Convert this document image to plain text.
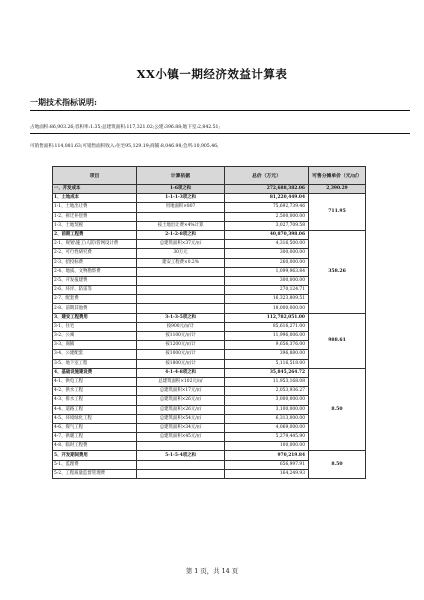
XX小镇一期经济效益计算表
一期技术指标说明:
占地面积:86,903.26;容积率:1.35;总建筑面积:117,321.02;公建:396.88;地下室:2,842.51;
可销售面积:114,081.63;可销售面积收入:住宅95,129.19;商铺:8,046.98;会所:10,905.46;
项目	计算依据	总价（万元）	可售分摊单价（元/㎡）
一、开发成本	1-6项之和	272,688,382.06	2,390.29
1、土地成本	1-1-1-3项之和	81,220,449.04	711.95
1-1、土地出让费	用地面积×807	75,692,739.46	
1-2、拆迁补偿费		2,500,000.00	
1-3、土地契税	按土地出让费×4%计算	3,027,709.58	
2、前期工程费	2-1-2-8项之和	40,870,398.06	358.26
2-1、规划\施工\人防\管网设计费	总建筑面积×37元/㎡	4,316,500.00	
2-2、可行性研究费	30万元	300,000.00	
2-3、招投标费	建安工程费×0.2%	260,000.00	
2-4、地质、文物勘察费		1,099,963.84	
2-5、开发报建费		300,000.00	
2-6、环评、防雷等		270,124.71	
2-7、配套费		16,323,809.51	
2-8、前期其他费		18,000,000.00	
3、建安工程费用	3-1-3-5项之和	112,782,051.00	988.61
3-1、住宅	按900元/㎡计	85,616,271.00	
3-2、公寓	按1100元/㎡计	11,996,006.00	
3-3、商铺	按1200元/㎡计	9,656,376.00	
3-4、公建配套	按1000元/㎡计	396,880.00	
3-5、地下室工程	按1800元/㎡计	5,116,518.00	
4、基础设施建设费	4-1-4-8项之和	35,845,264.72	8.50
4-1、供电工程	总建筑面积×102元/㎡	11,953,168.08	
4-2、供水工程	总建筑面积×17元/㎡	2,053,936.27	
4-3、排水工程	总建筑面积×26元/㎡	3,000,000.00	
4-4、道路工程	总建筑面积×26元/㎡	3,100,000.00	
4-5、环境绿化工程	总建筑面积×54元/㎡	6,313,000.00	
4-6、煤气工程	总建筑面积×34元/㎡	4,069,000.00	
4-7、供暖工程	总建筑面积×45元/㎡	5,279,445.90	
4-8、临时工程费		100,000.00	
5、开发期间费用	5-1-5-4项之和	970,219.84	8.50
5-1、监理费		656,997.91	
5-2、工程质量监督管理费		164,249.93	
第 1 页，共 14 页
